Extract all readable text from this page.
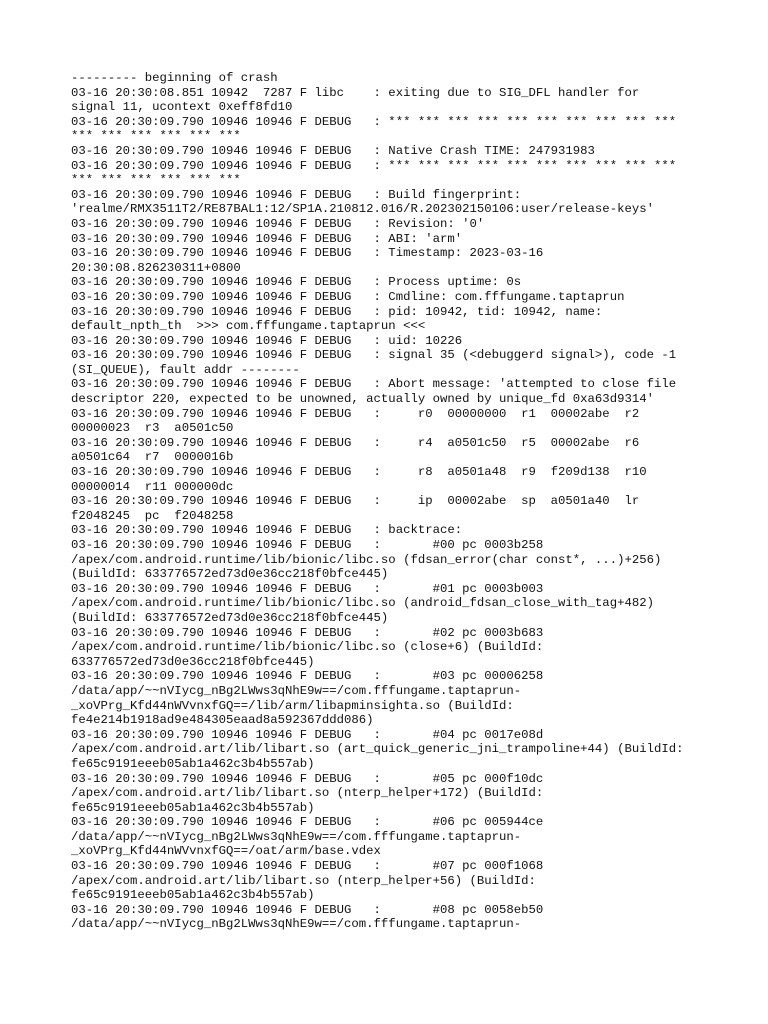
--------- beginning of crash
03-16 20:30:08.851 10942  7287 F libc    : exiting due to SIG_DFL handler for
signal 11, ucontext 0xeff8fd10
03-16 20:30:09.790 10946 10946 F DEBUG   : *** *** *** *** *** *** *** *** *** ***
*** *** *** *** *** ***
03-16 20:30:09.790 10946 10946 F DEBUG   : Native Crash TIME: 247931983
03-16 20:30:09.790 10946 10946 F DEBUG   : *** *** *** *** *** *** *** *** *** ***
*** *** *** *** *** ***
03-16 20:30:09.790 10946 10946 F DEBUG   : Build fingerprint:
'realme/RMX3511T2/RE87BAL1:12/SP1A.210812.016/R.202302150106:user/release-keys'
03-16 20:30:09.790 10946 10946 F DEBUG   : Revision: '0'
03-16 20:30:09.790 10946 10946 F DEBUG   : ABI: 'arm'
03-16 20:30:09.790 10946 10946 F DEBUG   : Timestamp: 2023-03-16
20:30:08.826230311+0800
03-16 20:30:09.790 10946 10946 F DEBUG   : Process uptime: 0s
03-16 20:30:09.790 10946 10946 F DEBUG   : Cmdline: com.fffungame.taptaprun
03-16 20:30:09.790 10946 10946 F DEBUG   : pid: 10942, tid: 10942, name:
default_npth_th  >>> com.fffungame.taptaprun <<<
03-16 20:30:09.790 10946 10946 F DEBUG   : uid: 10226
03-16 20:30:09.790 10946 10946 F DEBUG   : signal 35 (<debuggerd signal>), code -1
(SI_QUEUE), fault addr --------
03-16 20:30:09.790 10946 10946 F DEBUG   : Abort message: 'attempted to close file
descriptor 220, expected to be unowned, actually owned by unique_fd 0xa63d9314'
03-16 20:30:09.790 10946 10946 F DEBUG   :     r0  00000000  r1  00002abe  r2
00000023  r3  a0501c50
03-16 20:30:09.790 10946 10946 F DEBUG   :     r4  a0501c50  r5  00002abe  r6
a0501c64  r7  0000016b
03-16 20:30:09.790 10946 10946 F DEBUG   :     r8  a0501a48  r9  f209d138  r10
00000014  r11 000000dc
03-16 20:30:09.790 10946 10946 F DEBUG   :     ip  00002abe  sp  a0501a40  lr
f2048245  pc  f2048258
03-16 20:30:09.790 10946 10946 F DEBUG   : backtrace:
03-16 20:30:09.790 10946 10946 F DEBUG   :       #00 pc 0003b258
/apex/com.android.runtime/lib/bionic/libc.so (fdsan_error(char const*, ...)+256)
(BuildId: 633776572ed73d0e36cc218f0bfce445)
03-16 20:30:09.790 10946 10946 F DEBUG   :       #01 pc 0003b003
/apex/com.android.runtime/lib/bionic/libc.so (android_fdsan_close_with_tag+482)
(BuildId: 633776572ed73d0e36cc218f0bfce445)
03-16 20:30:09.790 10946 10946 F DEBUG   :       #02 pc 0003b683
/apex/com.android.runtime/lib/bionic/libc.so (close+6) (BuildId:
633776572ed73d0e36cc218f0bfce445)
03-16 20:30:09.790 10946 10946 F DEBUG   :       #03 pc 00006258
/data/app/~~nVIycg_nBg2LWws3qNhE9w==/com.fffungame.taptaprun-
_xoVPrg_Kfd44nWVvnxfGQ==/lib/arm/libapminsighta.so (BuildId:
fe4e214b1918ad9e484305eaad8a592367ddd086)
03-16 20:30:09.790 10946 10946 F DEBUG   :       #04 pc 0017e08d
/apex/com.android.art/lib/libart.so (art_quick_generic_jni_trampoline+44) (BuildId:
fe65c9191eeeb05ab1a462c3b4b557ab)
03-16 20:30:09.790 10946 10946 F DEBUG   :       #05 pc 000f10dc
/apex/com.android.art/lib/libart.so (nterp_helper+172) (BuildId:
fe65c9191eeeb05ab1a462c3b4b557ab)
03-16 20:30:09.790 10946 10946 F DEBUG   :       #06 pc 005944ce
/data/app/~~nVIycg_nBg2LWws3qNhE9w==/com.fffungame.taptaprun-
_xoVPrg_Kfd44nWVvnxfGQ==/oat/arm/base.vdex
03-16 20:30:09.790 10946 10946 F DEBUG   :       #07 pc 000f1068
/apex/com.android.art/lib/libart.so (nterp_helper+56) (BuildId:
fe65c9191eeeb05ab1a462c3b4b557ab)
03-16 20:30:09.790 10946 10946 F DEBUG   :       #08 pc 0058eb50
/data/app/~~nVIycg_nBg2LWws3qNhE9w==/com.fffungame.taptaprun-
